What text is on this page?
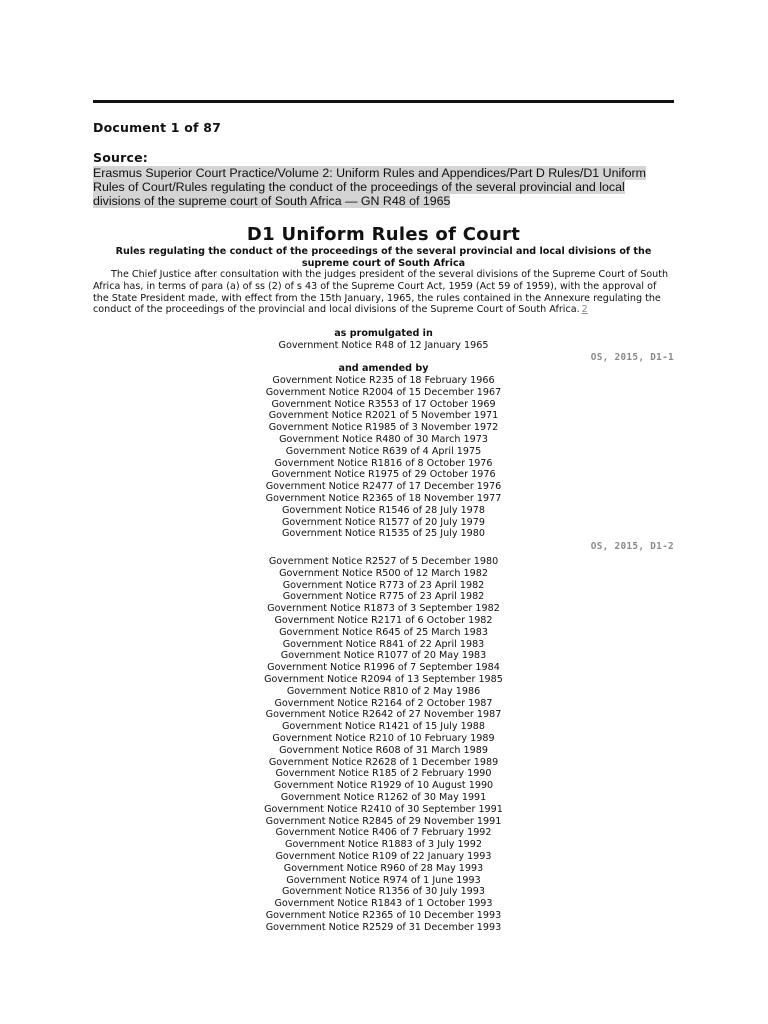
Document 1 of 87
Source:
Erasmus Superior Court Practice/Volume 2: Uniform Rules and Appendices/Part D Rules/D1 Uniform Rules of Court/Rules regulating the conduct of the proceedings of the several provincial and local divisions of the supreme court of South Africa — GN R48 of 1965
D1 Uniform Rules of Court
Rules regulating the conduct of the proceedings of the several provincial and local divisions of the supreme court of South Africa
The Chief Justice after consultation with the judges president of the several divisions of the Supreme Court of South Africa has, in terms of para (a) of ss (2) of s 43 of the Supreme Court Act, 1959 (Act 59 of 1959), with the approval of the State President made, with effect from the 15th January, 1965, the rules contained in the Annexure regulating the conduct of the proceedings of the provincial and local divisions of the Supreme Court of South Africa. 2
as promulgated in
Government Notice R48 of 12 January 1965
OS, 2015, D1-1
and amended by
Government Notice R235 of 18 February 1966
Government Notice R2004 of 15 December 1967
Government Notice R3553 of 17 October 1969
Government Notice R2021 of 5 November 1971
Government Notice R1985 of 3 November 1972
Government Notice R480 of 30 March 1973
Government Notice R639 of 4 April 1975
Government Notice R1816 of 8 October 1976
Government Notice R1975 of 29 October 1976
Government Notice R2477 of 17 December 1976
Government Notice R2365 of 18 November 1977
Government Notice R1546 of 28 July 1978
Government Notice R1577 of 20 July 1979
Government Notice R1535 of 25 July 1980
OS, 2015, D1-2
Government Notice R2527 of 5 December 1980
Government Notice R500 of 12 March 1982
Government Notice R773 of 23 April 1982
Government Notice R775 of 23 April 1982
Government Notice R1873 of 3 September 1982
Government Notice R2171 of 6 October 1982
Government Notice R645 of 25 March 1983
Government Notice R841 of 22 April 1983
Government Notice R1077 of 20 May 1983
Government Notice R1996 of 7 September 1984
Government Notice R2094 of 13 September 1985
Government Notice R810 of 2 May 1986
Government Notice R2164 of 2 October 1987
Government Notice R2642 of 27 November 1987
Government Notice R1421 of 15 July 1988
Government Notice R210 of 10 February 1989
Government Notice R608 of 31 March 1989
Government Notice R2628 of 1 December 1989
Government Notice R185 of 2 February 1990
Government Notice R1929 of 10 August 1990
Government Notice R1262 of 30 May 1991
Government Notice R2410 of 30 September 1991
Government Notice R2845 of 29 November 1991
Government Notice R406 of 7 February 1992
Government Notice R1883 of 3 July 1992
Government Notice R109 of 22 January 1993
Government Notice R960 of 28 May 1993
Government Notice R974 of 1 June 1993
Government Notice R1356 of 30 July 1993
Government Notice R1843 of 1 October 1993
Government Notice R2365 of 10 December 1993
Government Notice R2529 of 31 December 1993
